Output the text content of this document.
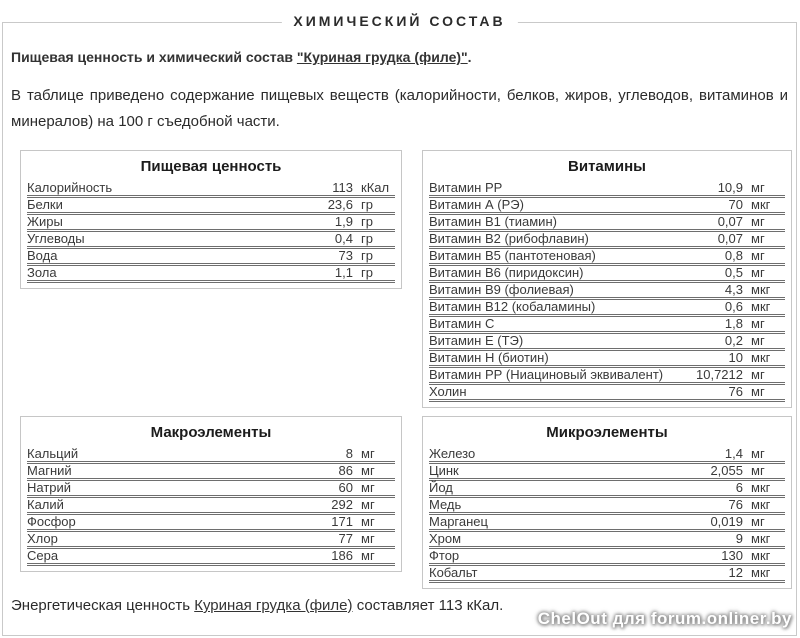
ХИМИЧЕСКИЙ СОСТАВ

Пищевая ценность и химический состав "Куриная грудка (филе)".

В таблице приведено содержание пищевых веществ (калорийности, белков, жиров, углеводов, витаминов и минералов) на 100 г съедобной части.

Пищевая ценность
Калорийность	113	кКал
Белки	23,6	гр
Жиры	1,9	гр
Углеводы	0,4	гр
Вода	73	гр
Зола	1,1	гр
Витамины
Витамин РР	10,9	мг
Витамин А (РЭ)	70	мкг
Витамин В1 (тиамин)	0,07	мг
Витамин В2 (рибофлавин)	0,07	мг
Витамин В5 (пантотеновая)	0,8	мг
Витамин В6 (пиридоксин)	0,5	мг
Витамин В9 (фолиевая)	4,3	мкг
Витамин В12 (кобаламины)	0,6	мкг
Витамин С	1,8	мг
Витамин Е (ТЭ)	0,2	мг
Витамин Н (биотин)	10	мкг
Витамин РР (Ниациновый эквивалент)	10,7212	мг
Холин	76	мг
Макроэлементы
Кальций	8	мг
Магний	86	мг
Натрий	60	мг
Калий	292	мг
Фосфор	171	мг
Хлор	77	мг
Сера	186	мг
Микроэлементы
Железо	1,4	мг
Цинк	2,055	мг
Йод	6	мкг
Медь	76	мкг
Марганец	0,019	мг
Хром	9	мкг
Фтор	130	мкг
Кобальт	12	мкг

Энергетическая ценность Куриная грудка (филе) составляет 113 кКал.

ChelOut для forum.onliner.by
